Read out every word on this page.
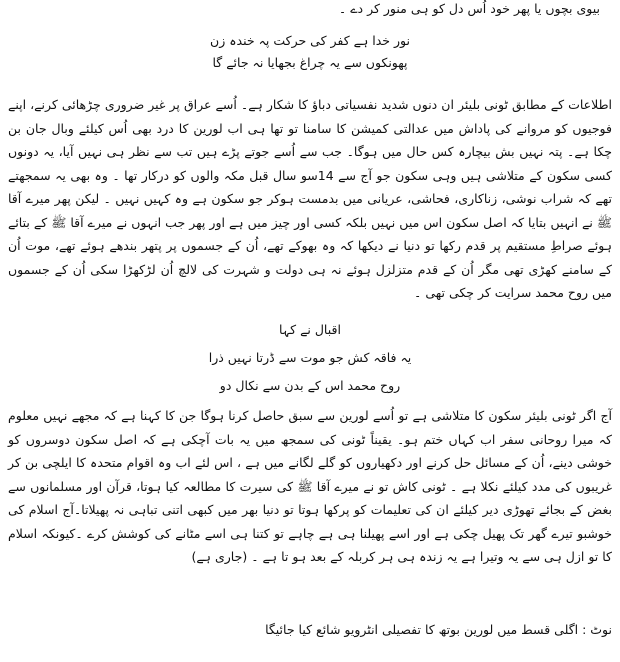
بیوی بچوں یا پھر خود اُس دل کو ہی منور کر دے ۔
نور خدا ہے کفر کی حرکت پہ خندہ زن
پھونکوں سے یہ چراغ بجھایا نہ جائے گا
اطلاعات کے مطابق ٹونی بلیئر ان دنوں شدید نفسیاتی دباؤ کا شکار ہے۔ اُسے عراق پر غیر ضروری چڑھائی کرنے، اپنے فوجیوں کو مروانے کی پاداش میں عدالتی کمیشن کا سامنا تو تھا ہی اب لورین کا درد بھی اُس کیلئے وبال جان بن چکا ہے۔ پتہ نہیں بش بیچارہ کس حال میں ہوگا۔ جب سے اُسے جوتے پڑے ہیں تب سے نظر ہی نہیں آیا، یہ دونوں کسی سکون کے متلاشی ہیں وہی سکون جو آج سے 14سو سال قبل مکہ والوں کو درکار تھا ۔ وہ بھی یہ سمجھتے تھے کہ شراب نوشی، زناکاری، فحاشی، عریانی میں بدمست ہوکر جو سکون ہے وہ کہیں نہیں ۔ لیکن پھر میرے آقا ﷺ نے انہیں بتایا کہ اصل سکون اس میں نہیں بلکہ کسی اور چیز میں ہے اور پھر جب انہوں نے میرے آقا ﷺ کے بتائے ہوئے صراطِ مستقیم پر قدم رکھا تو دنیا نے دیکھا کہ وہ بھوکے تھے، اُن کے جسموں پر پتھر بندھے ہوئے تھے، موت اُن کے سامنے کھڑی تھی مگر اُن کے قدم متزلزل ہوئے نہ ہی دولت و شہرت کی لالچ اُن لڑکھڑا سکی اُن کے جسموں میں روح محمد سرایت کر چکی تھی ۔
اقبال نے کہا
یہ فاقہ کش جو موت سے ڈرتا نہیں ذرا
روح محمد اس کے بدن سے نکال دو
آج اگر ٹونی بلیئر سکون کا متلاشی ہے تو اُسے لورین سے سبق حاصل کرنا ہوگا جن کا کہنا ہے کہ مجھے نہیں معلوم کہ میرا روحانی سفر اب کہاں ختم ہو۔ یقیناً ٹونی کی سمجھ میں یہ بات آچکی ہے کہ اصل سکون دوسروں کو خوشی دینے، اُن کے مسائل حل کرنے اور دکھیاروں کو گلے لگانے میں ہے ، اس لئے اب وہ اقوام متحدہ کا ایلچی بن کر غریبوں کی مدد کیلئے نکلا ہے ۔ ٹونی کاش تو نے میرے آقا ﷺ کی سیرت کا مطالعہ کیا ہوتا، قرآن اور مسلمانوں سے بغض کے بجائے تھوڑی دیر کیلئے ان کی تعلیمات کو پرکھا ہوتا تو دنیا بھر میں کبھی اتنی تباہی نہ پھیلاتا۔آج اسلام کی خوشبو تیرے گھر تک پھیل چکی ہے اور اسے پھیلنا ہی ہے چاہے تو کتنا ہی اسے مٹانے کی کوشش کرے ۔کیونکہ اسلام کا تو ازل ہی سے یہ وتیرا ہے یہ زندہ ہی ہر کربلہ کے بعد ہو تا ہے ۔ (جاری ہے)
نوٹ : اگلی قسط میں لورین بوتھ کا تفصیلی انٹرویو شائع کیا جائیگا
